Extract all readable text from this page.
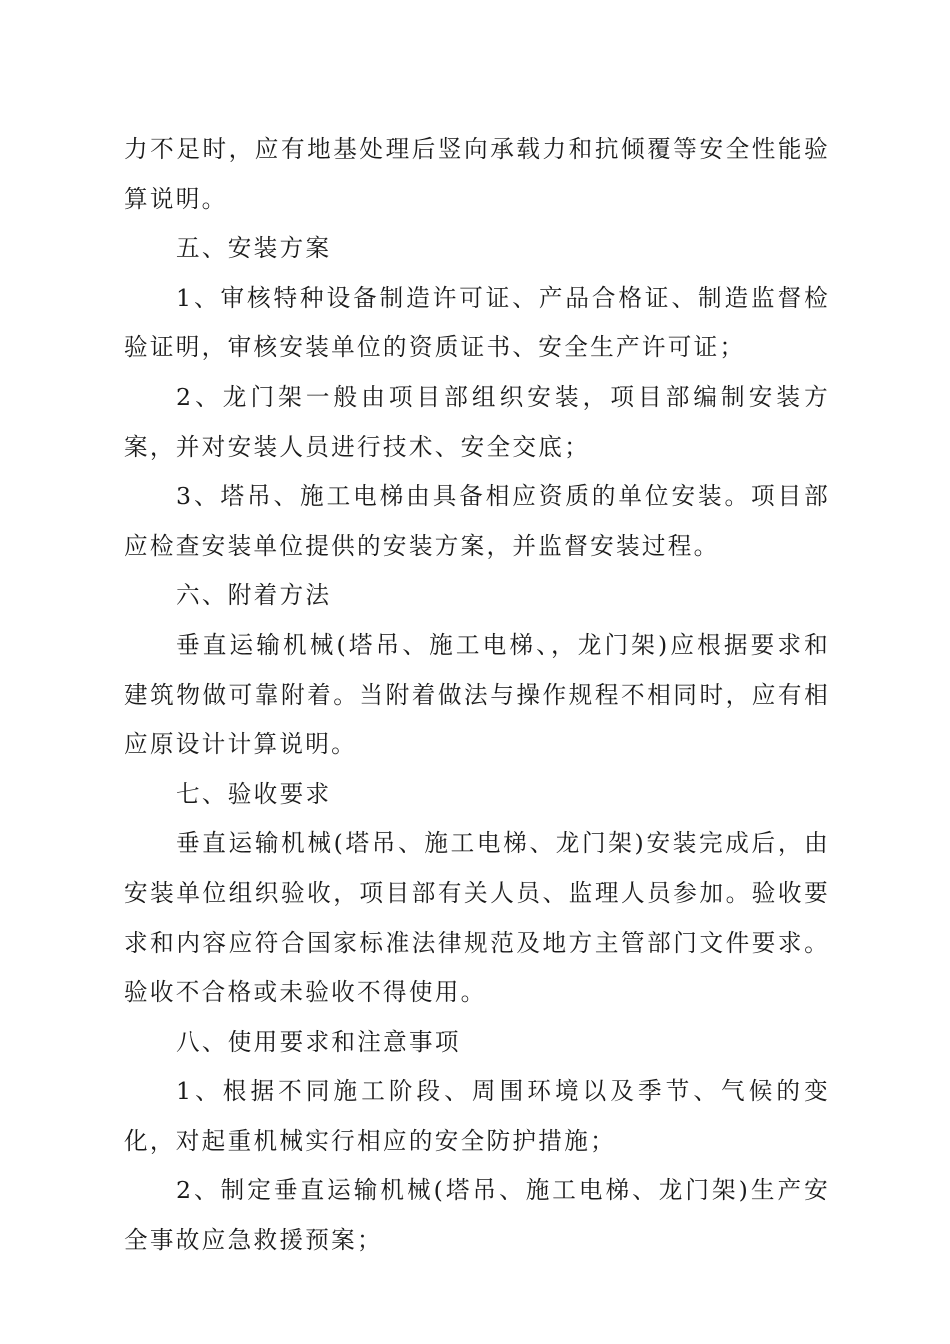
力不足时，应有地基处理后竖向承载力和抗倾覆等安全性能验算说明。

五、安装方案

1、审核特种设备制造许可证、产品合格证、制造监督检验证明，审核安装单位的资质证书、安全生产许可证；

2、龙门架一般由项目部组织安装，项目部编制安装方案，并对安装人员进行技术、安全交底；

3、塔吊、施工电梯由具备相应资质的单位安装。项目部应检查安装单位提供的安装方案，并监督安装过程。

六、附着方法

垂直运输机械(塔吊、施工电梯、，龙门架)应根据要求和建筑物做可靠附着。当附着做法与操作规程不相同时，应有相应原设计计算说明。

七、验收要求

垂直运输机械(塔吊、施工电梯、龙门架)安装完成后，由安装单位组织验收，项目部有关人员、监理人员参加。验收要求和内容应符合国家标准法律规范及地方主管部门文件要求。验收不合格或未验收不得使用。

八、使用要求和注意事项

1、根据不同施工阶段、周围环境以及季节、气候的变化，对起重机械实行相应的安全防护措施；

2、制定垂直运输机械(塔吊、施工电梯、龙门架)生产安全事故应急救援预案；
